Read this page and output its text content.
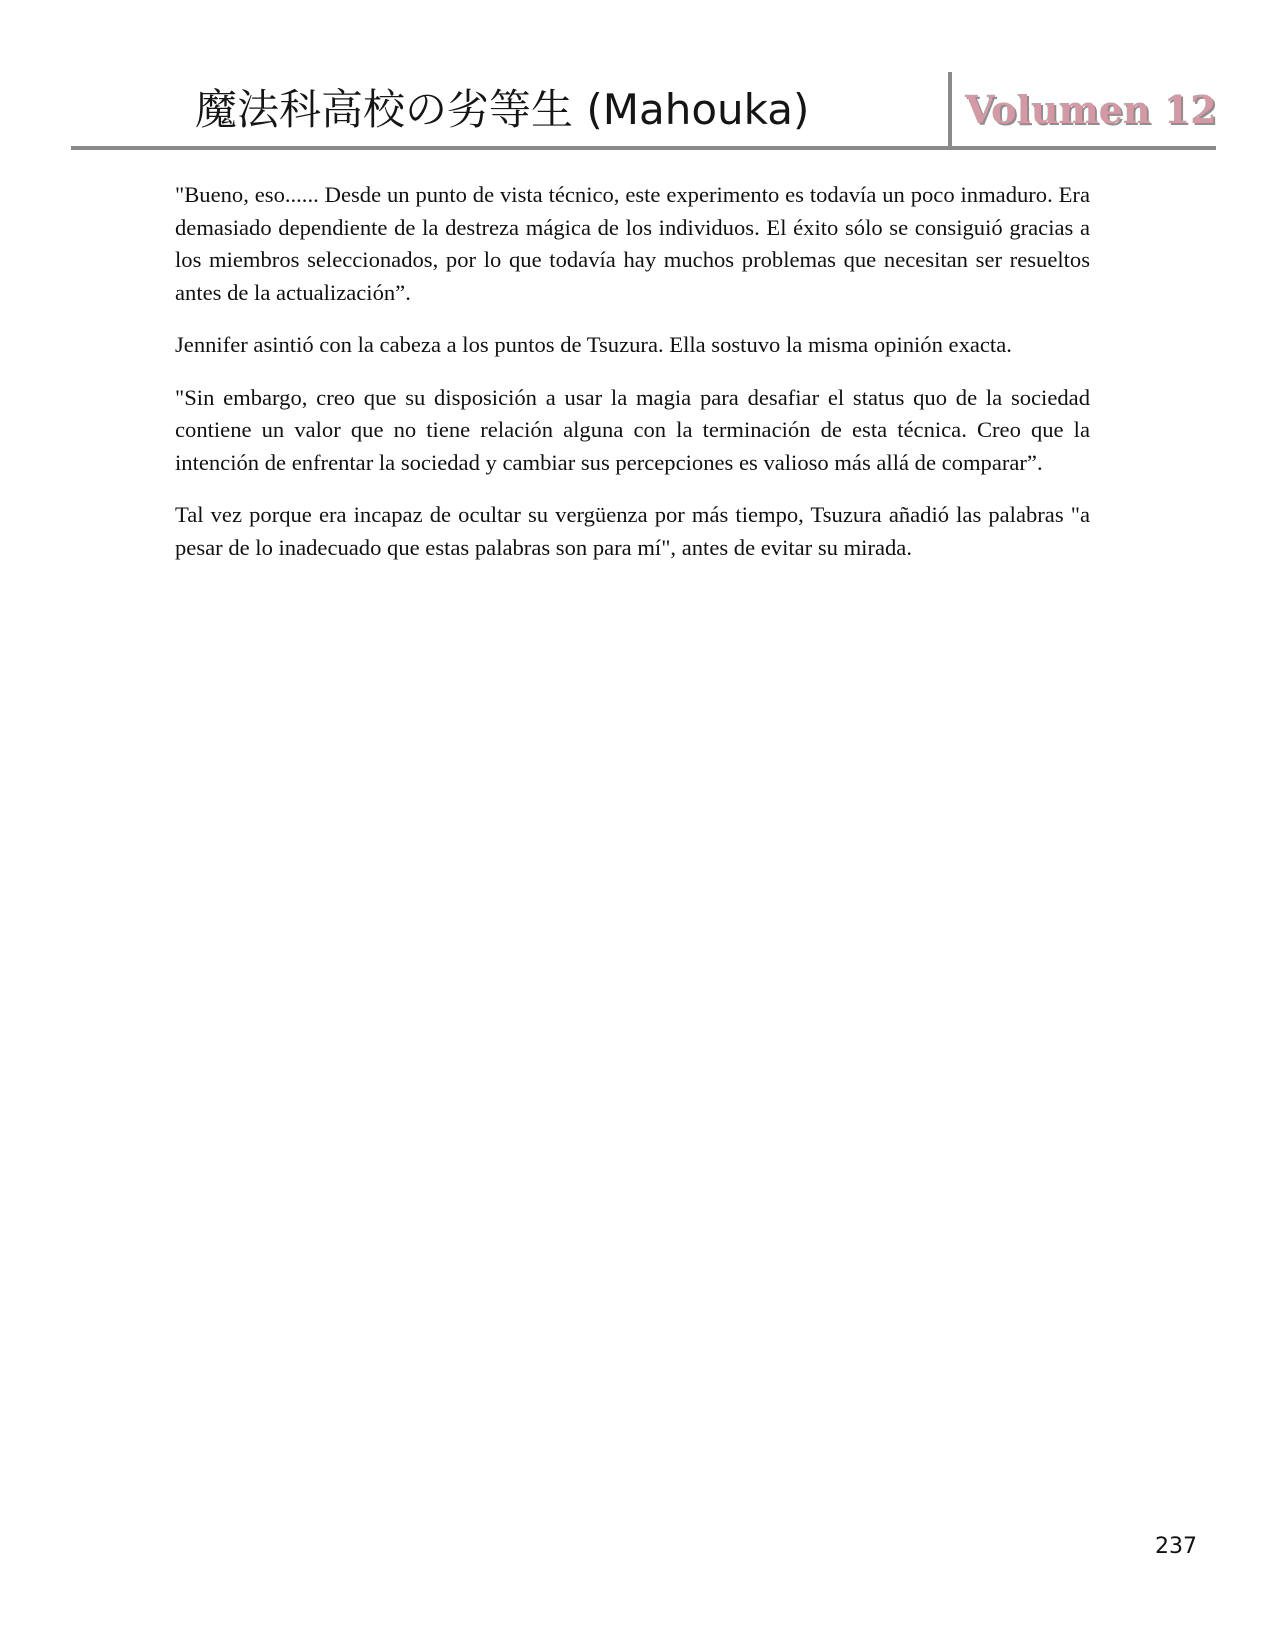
魔法科高校の劣等生 (Mahouka)	Volumen 12

"Bueno, eso...... Desde un punto de vista técnico, este experimento es todavía un poco inmaduro. Era demasiado dependiente de la destreza mágica de los individuos. El éxito sólo se consiguió gracias a los miembros seleccionados, por lo que todavía hay muchos problemas que necesitan ser resueltos antes de la actualización”.

Jennifer asintió con la cabeza a los puntos de Tsuzura. Ella sostuvo la misma opinión exacta.

"Sin embargo, creo que su disposición a usar la magia para desafiar el status quo de la sociedad contiene un valor que no tiene relación alguna con la terminación de esta técnica. Creo que la intención de enfrentar la sociedad y cambiar sus percepciones es valioso más allá de comparar”.

Tal vez porque era incapaz de ocultar su vergüenza por más tiempo, Tsuzura añadió las palabras "a pesar de lo inadecuado que estas palabras son para mí", antes de evitar su mirada.

237
